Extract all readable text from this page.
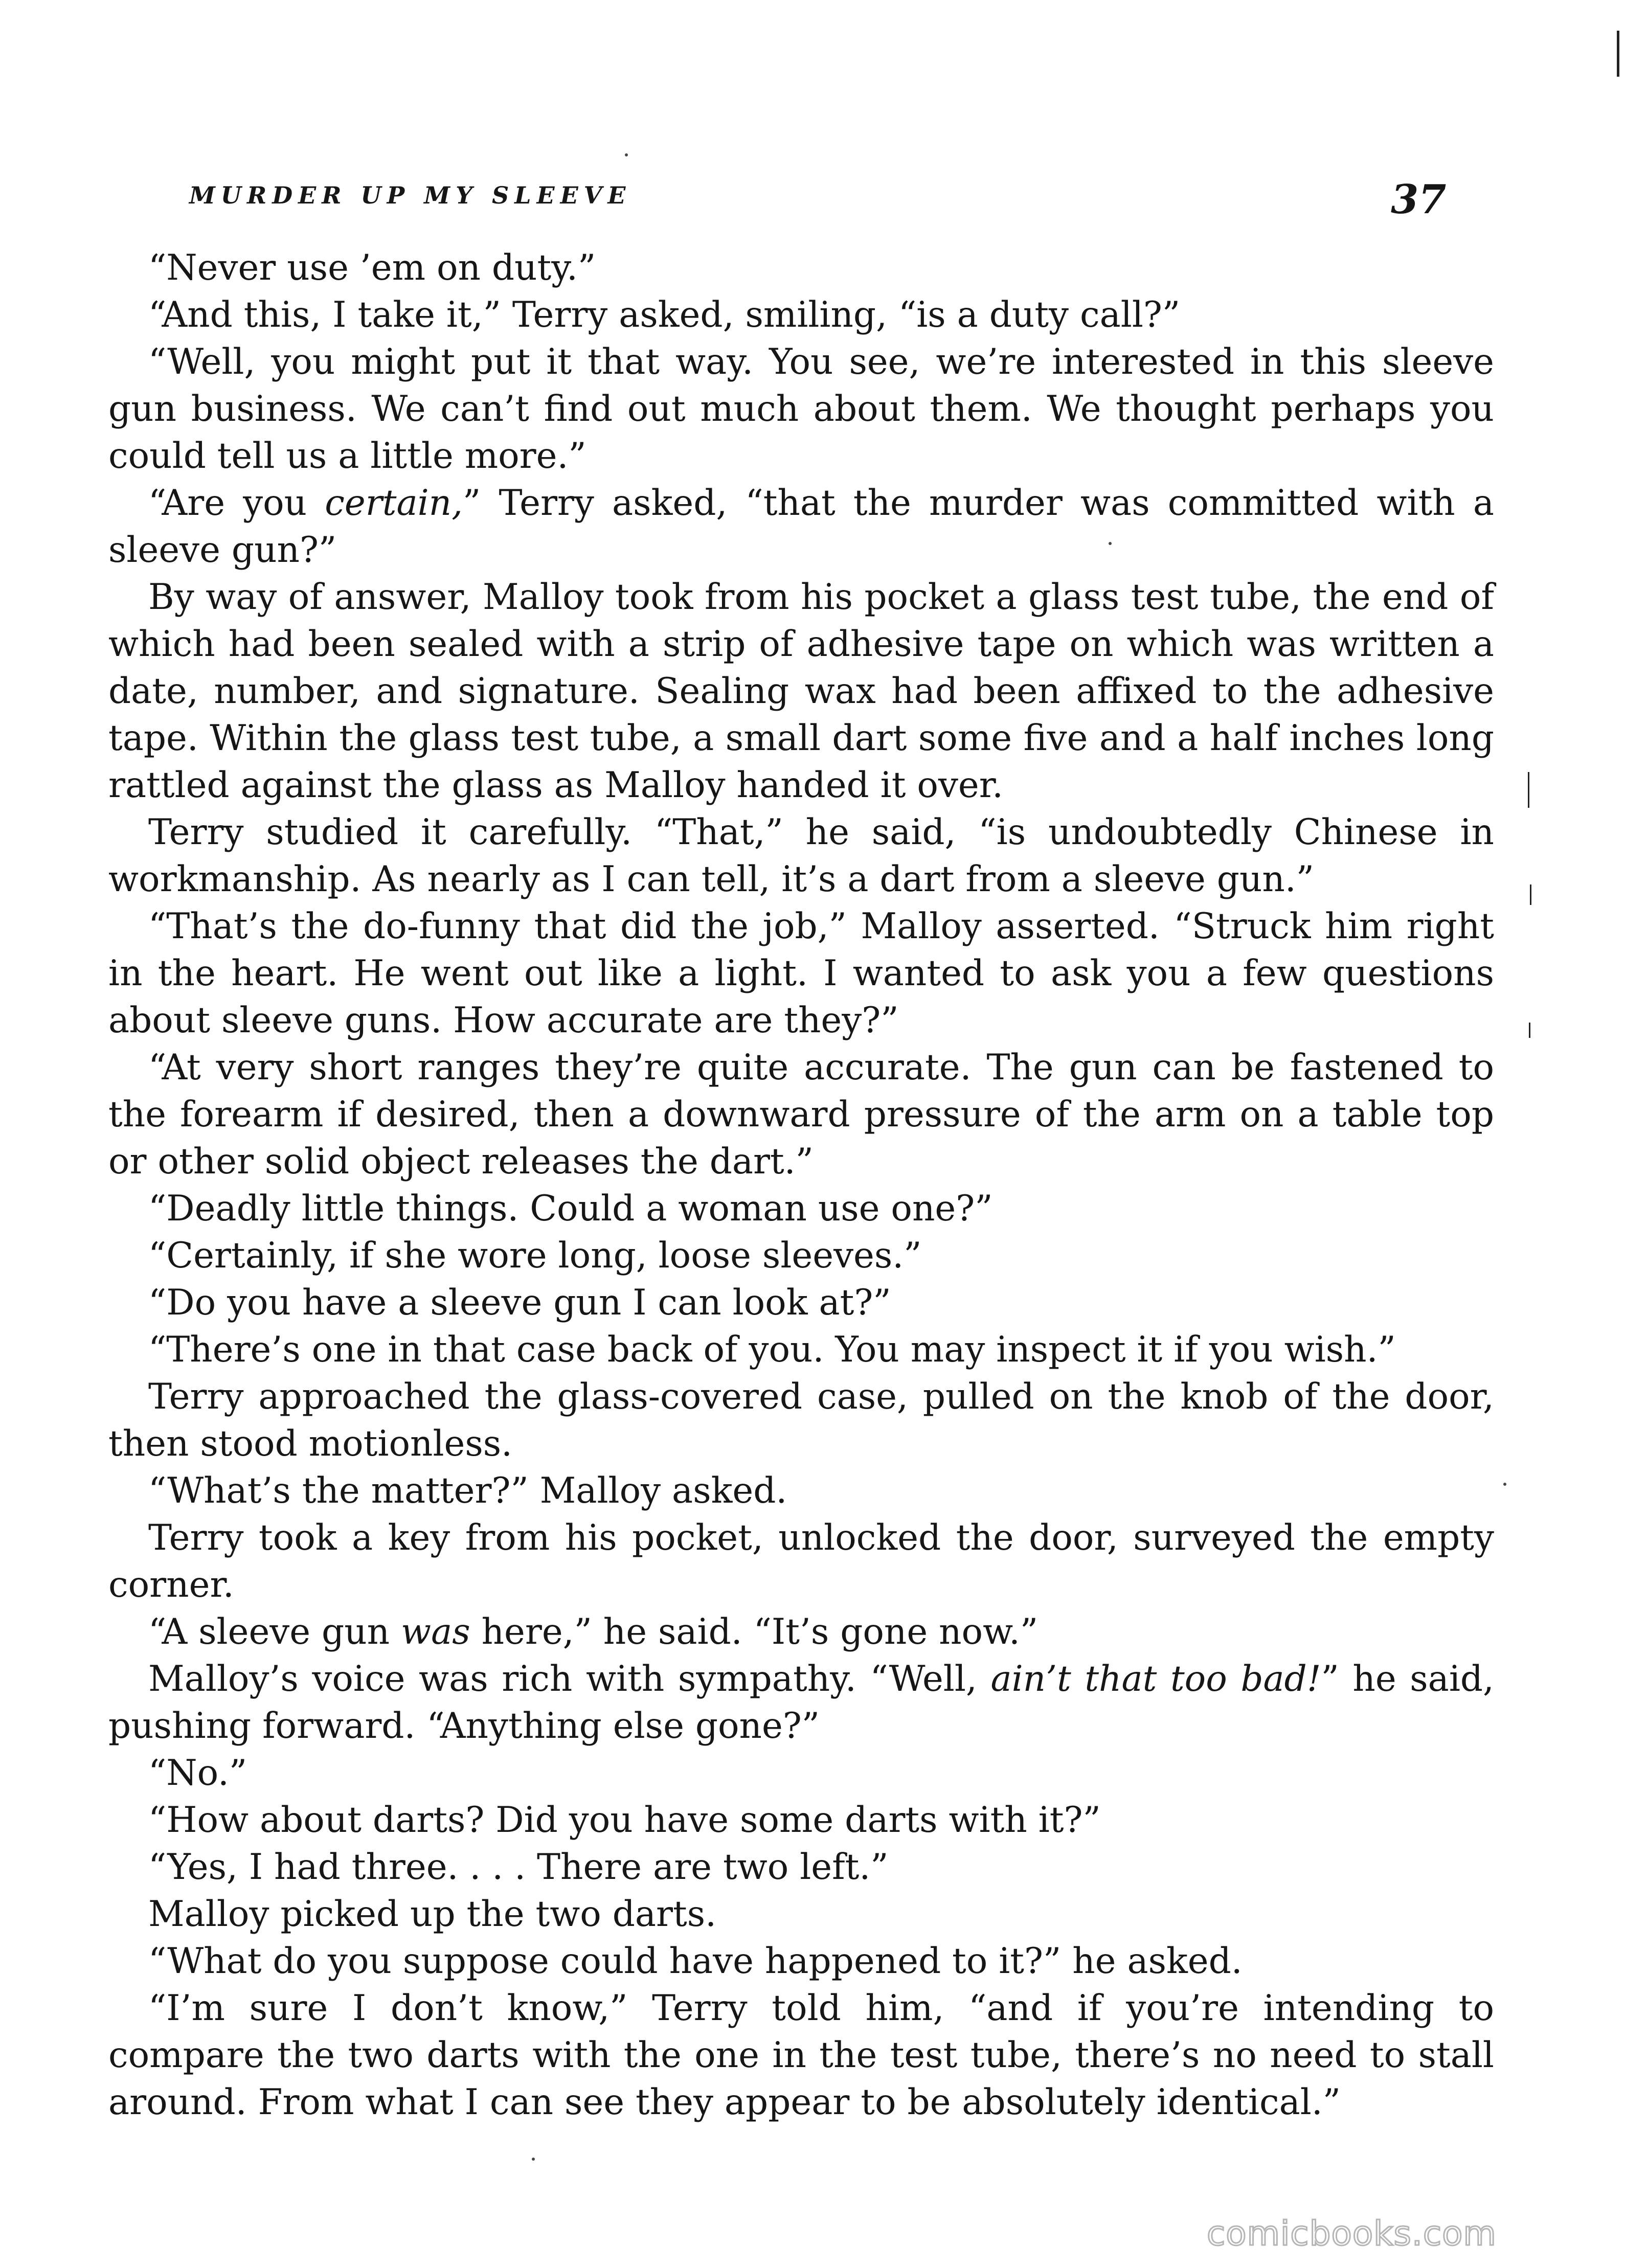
MURDER UP MY SLEEVE	37

“Never use ’em on duty.”

“And this, I take it,” Terry asked, smiling, “is a duty call?”

“Well, you might put it that way. You see, we’re interested in this sleeve gun business. We can’t find out much about them. We thought perhaps you could tell us a little more.”

“Are you certain,” Terry asked, “that the murder was committed with a sleeve gun?”

By way of answer, Malloy took from his pocket a glass test tube, the end of which had been sealed with a strip of adhesive tape on which was written a date, number, and signature. Sealing wax had been affixed to the adhesive tape. Within the glass test tube, a small dart some five and a half inches long rattled against the glass as Malloy handed it over.

Terry studied it carefully. “That,” he said, “is undoubtedly Chinese in workmanship. As nearly as I can tell, it’s a dart from a sleeve gun.”

“That’s the do-funny that did the job,” Malloy asserted. “Struck him right in the heart. He went out like a light. I wanted to ask you a few questions about sleeve guns. How accurate are they?”

“At very short ranges they’re quite accurate. The gun can be fastened to the forearm if desired, then a downward pressure of the arm on a table top or other solid object releases the dart.”

“Deadly little things. Could a woman use one?”

“Certainly, if she wore long, loose sleeves.”

“Do you have a sleeve gun I can look at?”

“There’s one in that case back of you. You may inspect it if you wish.”

Terry approached the glass-covered case, pulled on the knob of the door, then stood motionless.

“What’s the matter?” Malloy asked.

Terry took a key from his pocket, unlocked the door, surveyed the empty corner.

“A sleeve gun was here,” he said. “It’s gone now.”

Malloy’s voice was rich with sympathy. “Well, ain’t that too bad!” he said, pushing forward. “Anything else gone?”

“No.”

“How about darts? Did you have some darts with it?”

“Yes, I had three. . . . There are two left.”

Malloy picked up the two darts.

“What do you suppose could have happened to it?” he asked.

“I’m sure I don’t know,” Terry told him, “and if you’re intending to compare the two darts with the one in the test tube, there’s no need to stall around. From what I can see they appear to be absolutely identical.”

comicbooks.com
